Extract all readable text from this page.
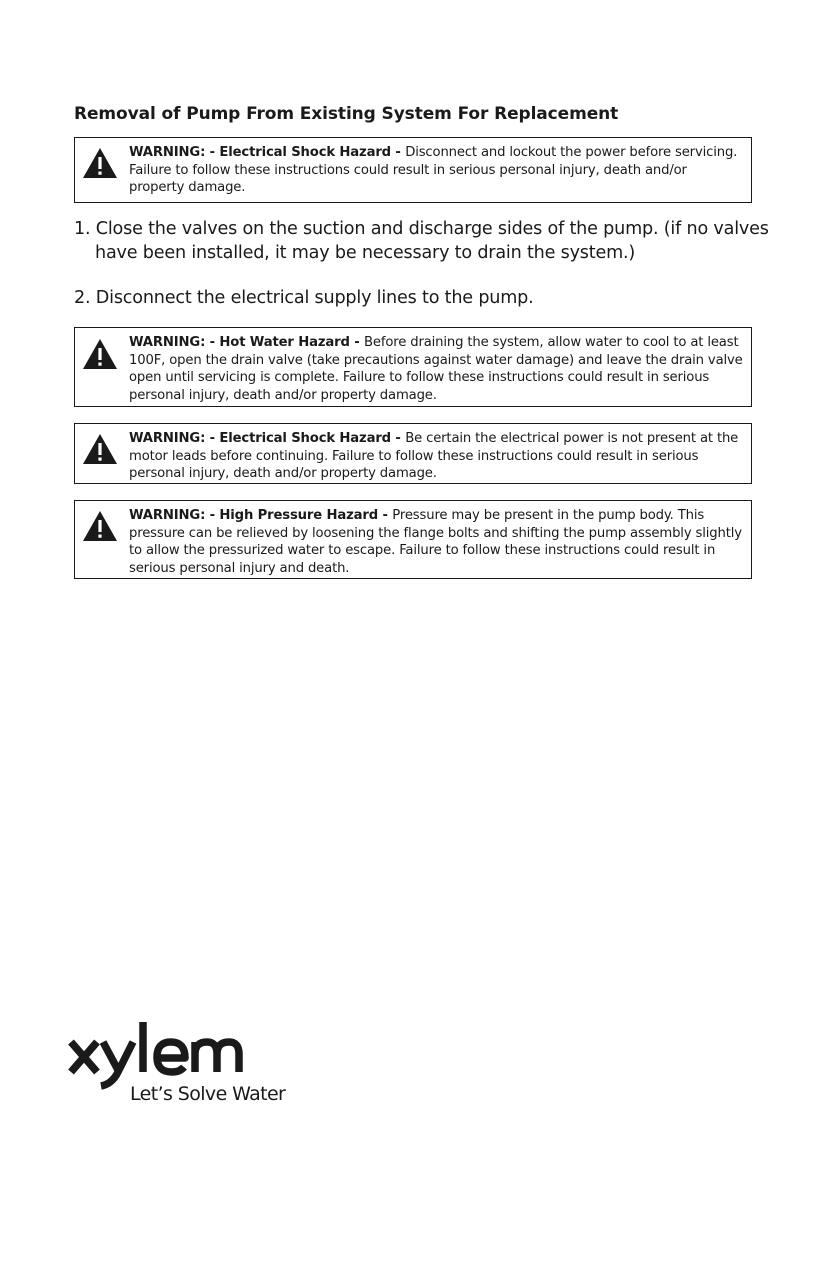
Removal of Pump From Existing System For Replacement
WARNING: - Electrical Shock Hazard - Disconnect and lockout the power before servicing. Failure to follow these instructions could result in serious personal injury, death and/or property damage.
1. Close the valves on the suction and discharge sides of the pump. (if no valves have been installed, it may be necessary to drain the system.)
2. Disconnect the electrical supply lines to the pump.
WARNING: - Hot Water Hazard - Before draining the system, allow water to cool to at least 100F, open the drain valve (take precautions against water damage) and leave the drain valve open until servicing is complete. Failure to follow these instructions could result in serious personal injury, death and/or property damage.
WARNING: - Electrical Shock Hazard - Be certain the electrical power is not present at the motor leads before continuing. Failure to follow these instructions could result in serious personal injury, death and/or property damage.
WARNING: - High Pressure Hazard - Pressure may be present in the pump body. This pressure can be relieved by loosening the flange bolts and shifting the pump assembly slightly to allow the pressurized water to escape. Failure to follow these instructions could result in serious personal injury and death.
Let’s Solve Water
